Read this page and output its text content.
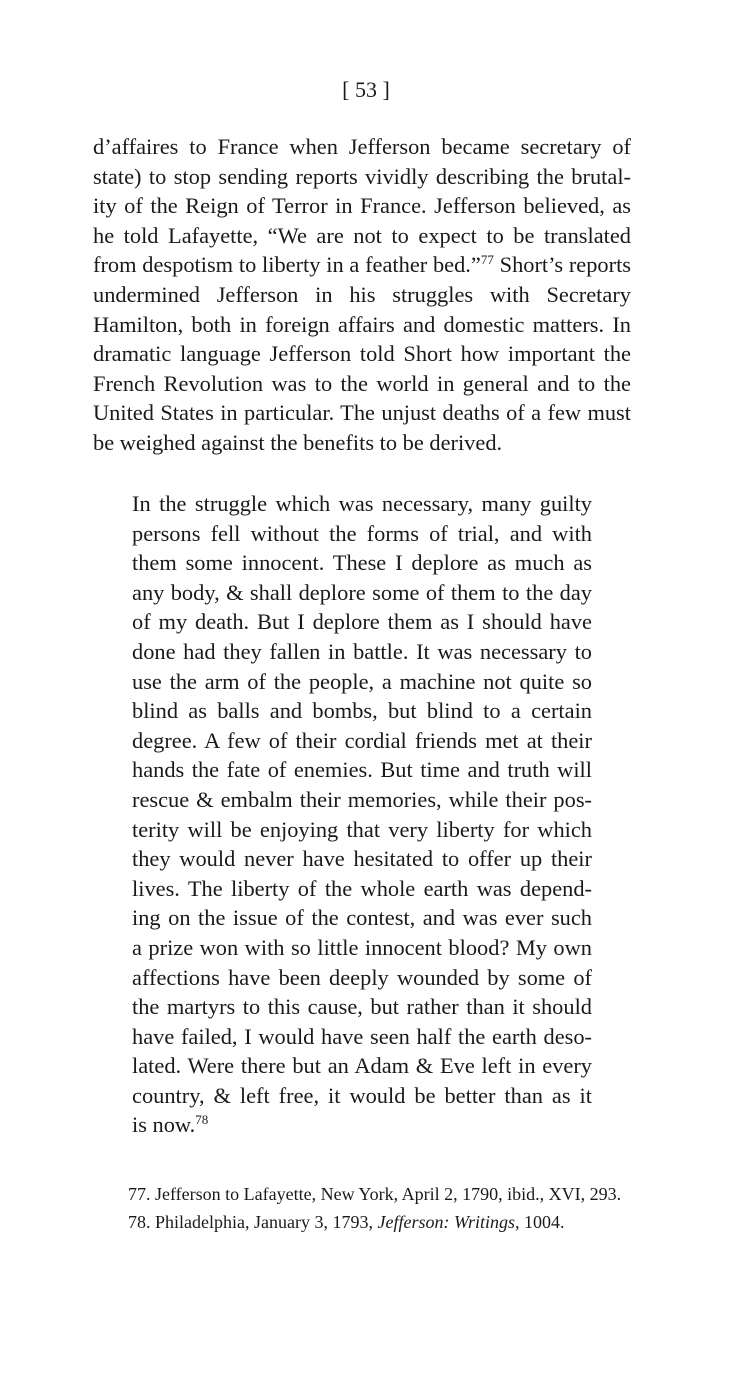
[ 53 ]
d’affaires to France when Jefferson became secretary of
state) to stop sending reports vividly describing the brutal-
ity of the Reign of Terror in France. Jefferson believed, as
he told Lafayette, “We are not to expect to be translated
from despotism to liberty in a feather bed.”$^{77}$ Short’s reports
undermined Jefferson in his struggles with Secretary
Hamilton, both in foreign affairs and domestic matters. In
dramatic language Jefferson told Short how important the
French Revolution was to the world in general and to the
United States in particular. The unjust deaths of a few must
be weighed against the benefits to be derived.
In the struggle which was necessary, many guilty
persons fell without the forms of trial, and with
them some innocent. These I deplore as much as
any body, & shall deplore some of them to the day
of my death. But I deplore them as I should have
done had they fallen in battle. It was necessary to
use the arm of the people, a machine not quite so
blind as balls and bombs, but blind to a certain
degree. A few of their cordial friends met at their
hands the fate of enemies. But time and truth will
rescue & embalm their memories, while their pos-
terity will be enjoying that very liberty for which
they would never have hesitated to offer up their
lives. The liberty of the whole earth was depend-
ing on the issue of the contest, and was ever such
a prize won with so little innocent blood? My own
affections have been deeply wounded by some of
the martyrs to this cause, but rather than it should
have failed, I would have seen half the earth deso-
lated. Were there but an Adam & Eve left in every
country, & left free, it would be better than as it
is now.$^{78}$
77. Jefferson to Lafayette, New York, April 2, 1790, ibid., XVI, 293.
78. Philadelphia, January 3, 1793, Jefferson: Writings, 1004.
